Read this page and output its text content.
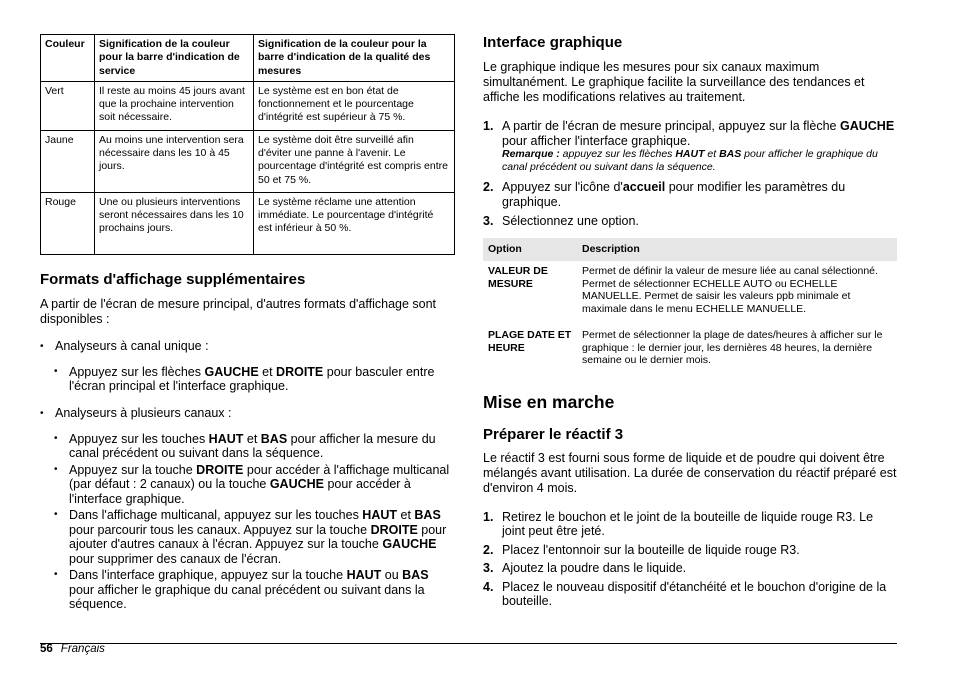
Couleur	Signification de la couleur pour la barre d'indication de service	Signification de la couleur pour la barre d'indication de la qualité des mesures
Vert	Il reste au moins 45 jours avant que la prochaine intervention soit nécessaire.	Le système est en bon état de fonctionnement et le pourcentage d'intégrité est supérieur à 75 %.
Jaune	Au moins une intervention sera nécessaire dans les 10 à 45 jours.	Le système doit être surveillé afin d'éviter une panne à l'avenir. Le pourcentage d'intégrité est compris entre 50 et 75 %.
Rouge	Une ou plusieurs interventions seront nécessaires dans les 10 prochains jours.	Le système réclame une attention immédiate. Le pourcentage d'intégrité est inférieur à 50 %.
Formats d'affichage supplémentaires

A partir de l'écran de mesure principal, d'autres formats d'affichage sont disponibles :

• Analyseurs à canal unique :
• Appuyez sur les flèches GAUCHE et DROITE pour basculer entre l'écran principal et l'interface graphique.
• Analyseurs à plusieurs canaux :
• Appuyez sur les touches HAUT et BAS pour afficher la mesure du canal précédent ou suivant dans la séquence.
• Appuyez sur la touche DROITE pour accéder à l'affichage multicanal (par défaut : 2 canaux) ou la touche GAUCHE pour accéder à l'interface graphique.
• Dans l'affichage multicanal, appuyez sur les touches HAUT et BAS pour parcourir tous les canaux. Appuyez sur la touche DROITE pour ajouter d'autres canaux à l'écran. Appuyez sur la touche GAUCHE pour supprimer des canaux de l'écran.
• Dans l'interface graphique, appuyez sur la touche HAUT ou BAS pour afficher le graphique du canal précédent ou suivant dans la séquence.
Interface graphique

Le graphique indique les mesures pour six canaux maximum simultanément. Le graphique facilite la surveillance des tendances et affiche les modifications relatives au traitement.

1. A partir de l'écran de mesure principal, appuyez sur la flèche GAUCHE pour afficher l'interface graphique.
Remarque : appuyez sur les flèches HAUT et BAS pour afficher le graphique du canal précédent ou suivant dans la séquence.
2. Appuyez sur l'icône d'accueil pour modifier les paramètres du graphique.
3. Sélectionnez une option.
Option	Description
VALEUR DE MESURE	Permet de définir la valeur de mesure liée au canal sélectionné. Permet de sélectionner ECHELLE AUTO ou ECHELLE MANUELLE. Permet de saisir les valeurs ppb minimale et maximale dans le menu ECHELLE MANUELLE.
PLAGE DATE ET HEURE	Permet de sélectionner la plage de dates/heures à afficher sur le graphique : le dernier jour, les dernières 48 heures, la dernière semaine ou le dernier mois.
Mise en marche
Préparer le réactif 3

Le réactif 3 est fourni sous forme de liquide et de poudre qui doivent être mélangés avant utilisation. La durée de conservation du réactif préparé est d'environ 4 mois.

1. Retirez le bouchon et le joint de la bouteille de liquide rouge R3. Le joint peut être jeté.
2. Placez l'entonnoir sur la bouteille de liquide rouge R3.
3. Ajoutez la poudre dans le liquide.
4. Placez le nouveau dispositif d'étanchéité et le bouchon d'origine de la bouteille.
56 Français
